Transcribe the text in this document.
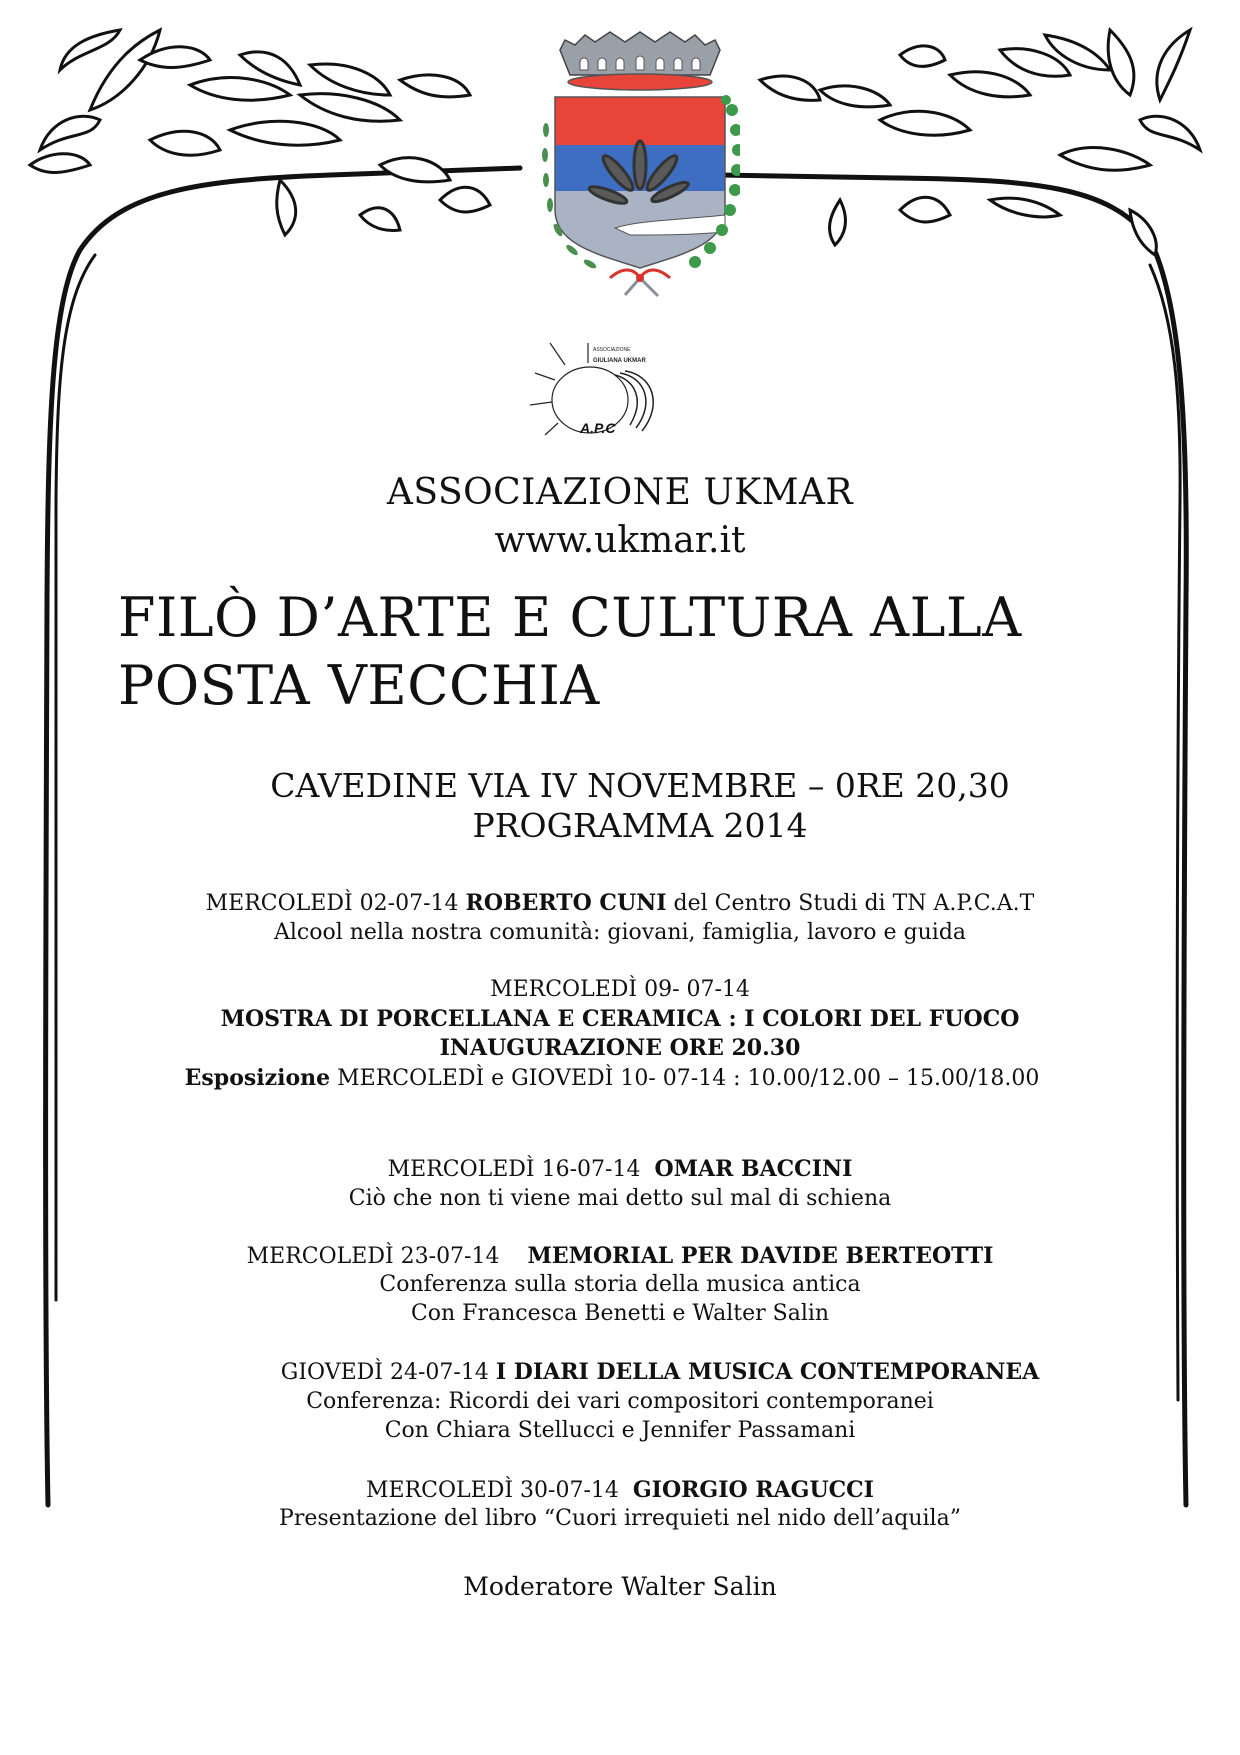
ASSOCIAZIONE
GIULIANA UKMAR
A.P.C
ASSOCIAZIONE UKMAR
www.ukmar.it
FILÒ D’ARTE E CULTURA ALLA
POSTA VECCHIA
CAVEDINE VIA IV NOVEMBRE – 0RE 20,30
PROGRAMMA 2014
MERCOLEDÌ 02-07-14 ROBERTO CUNI del Centro Studi di TN A.P.C.A.T
Alcool nella nostra comunità: giovani, famiglia, lavoro e guida
MERCOLEDÌ 09- 07-14
MOSTRA DI PORCELLANA E CERAMICA : I COLORI DEL FUOCO
INAUGURAZIONE ORE 20.30
Esposizione MERCOLEDÌ e GIOVEDÌ 10- 07-14 : 10.00/12.00 – 15.00/18.00
MERCOLEDÌ 16-07-14 OMAR BACCINI
Ciò che non ti viene mai detto sul mal di schiena
MERCOLEDÌ 23-07-14 MEMORIAL PER DAVIDE BERTEOTTI
Conferenza sulla storia della musica antica
Con Francesca Benetti e Walter Salin
GIOVEDÌ 24-07-14 I DIARI DELLA MUSICA CONTEMPORANEA
Conferenza: Ricordi dei vari compositori contemporanei
Con Chiara Stellucci e Jennifer Passamani
MERCOLEDÌ 30-07-14 GIORGIO RAGUCCI
Presentazione del libro “Cuori irrequieti nel nido dell’aquila”
Moderatore Walter Salin
